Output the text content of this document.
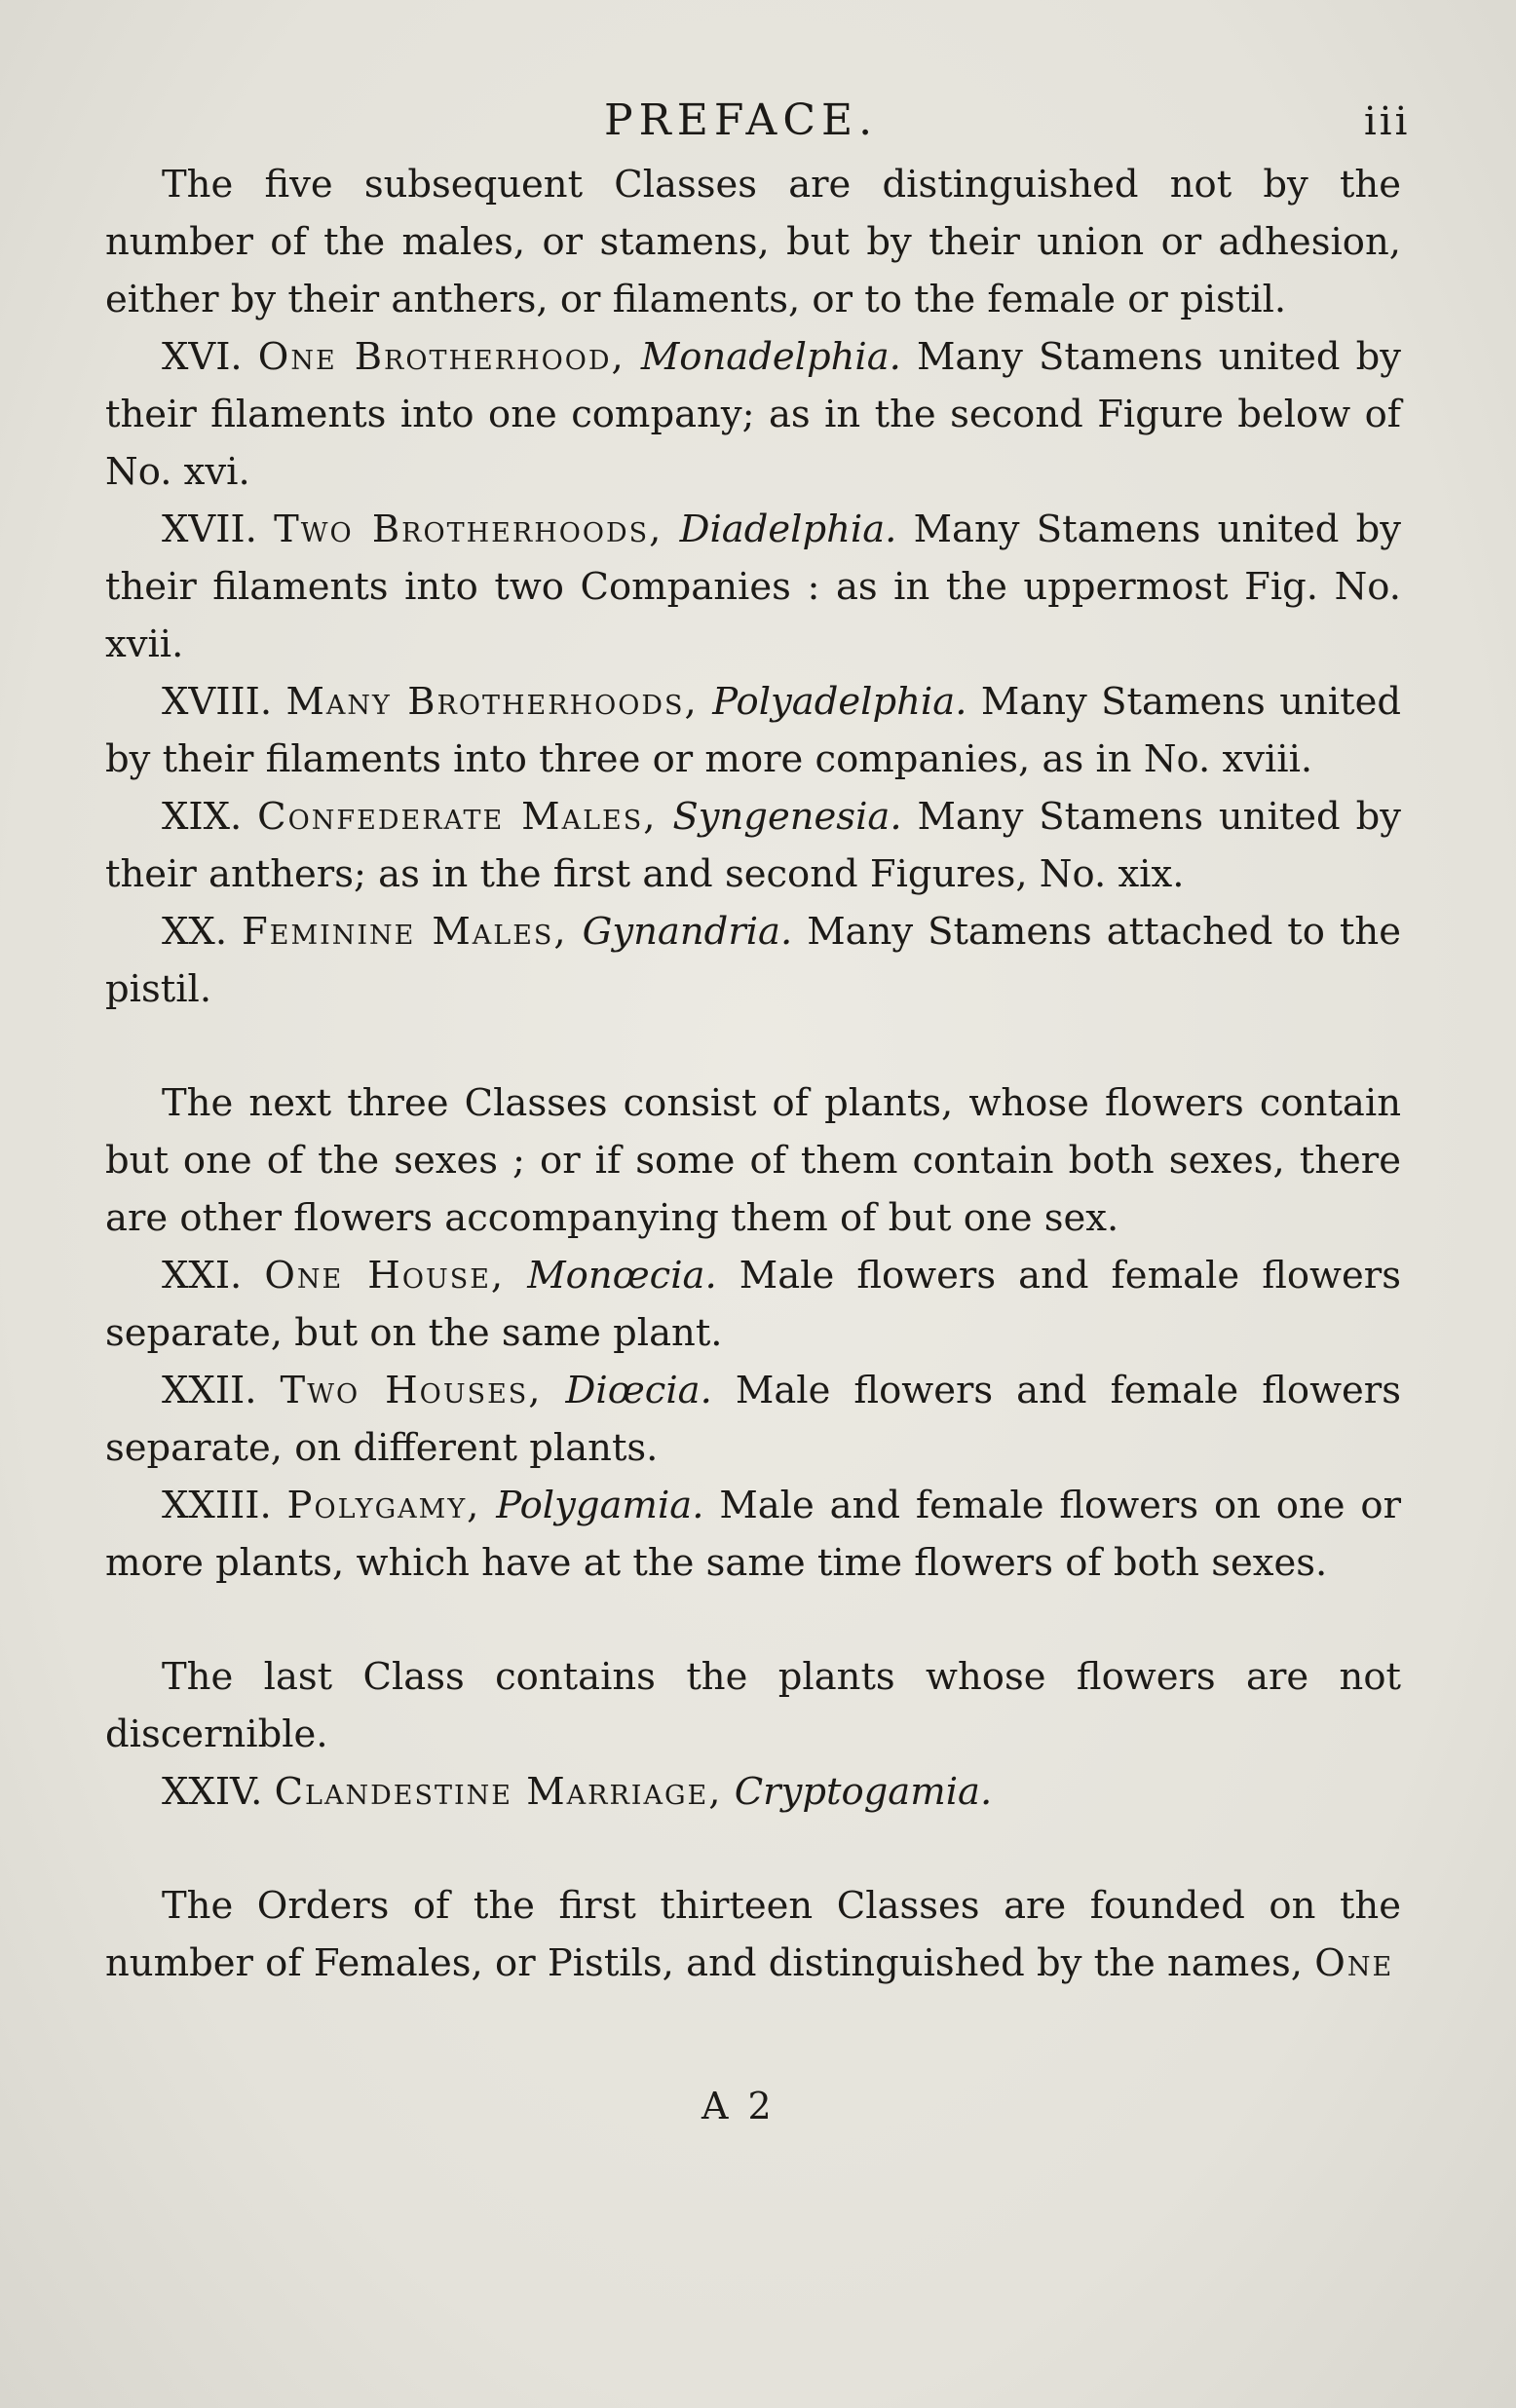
PREFACE.	iii

The five subsequent Classes are distinguished not by the number of the males, or stamens, but by their union or adhesion, either by their anthers, or filaments, or to the female or pistil.

XVI. One Brotherhood, Monadelphia. Many Stamens united by their filaments into one company; as in the second Figure below of No. xvi.

XVII. Two Brotherhoods, Diadelphia. Many Stamens united by their filaments into two Companies : as in the uppermost Fig. No. xvii.

XVIII. Many Brotherhoods, Polyadelphia. Many Stamens united by their filaments into three or more companies, as in No. xviii.

XIX. Confederate Males, Syngenesia. Many Stamens united by their anthers; as in the first and second Figures, No. xix.

XX. Feminine Males, Gynandria. Many Stamens attached to the pistil.

The next three Classes consist of plants, whose flowers contain but one of the sexes ; or if some of them contain both sexes, there are other flowers accompanying them of but one sex.

XXI. One House, Monœcia. Male flowers and female flowers separate, but on the same plant.

XXII. Two Houses, Diœcia. Male flowers and female flowers separate, on different plants.

XXIII. Polygamy, Polygamia. Male and female flowers on one or more plants, which have at the same time flowers of both sexes.

The last Class contains the plants whose flowers are not discernible.

XXIV. Clandestine Marriage, Cryptogamia.

The Orders of the first thirteen Classes are founded on the number of Females, or Pistils, and distinguished by the names, One

A 2
